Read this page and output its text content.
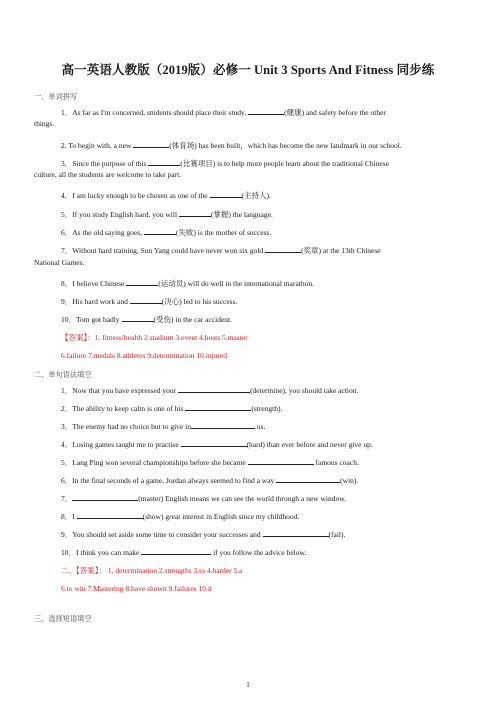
高一英语人教版（2019版）必修一 Unit 3 Sports And Fitness 同步练
一、单词拼写
1．As far as I'm concerned, students should place their study,	(健康) and safety before the other
things.
2. To begin with, a new	(体育场) has been built，which has become the new landmark in our school.
3．Since the purpose of this	(比赛项目) is to help more people learn about the traditional Chinese
culture, all the students are welcome to take part.
4．I am lucky enough to be chosen as one of the	(主持人).
5．If you study English hard, you will	(掌握) the language.
6．As the old saying goes,	(失败) is the mother of success.
7．Without hard training, Sun Yang could have never won six gold	(奖章) at the 13th Chinese
National Games.
8．I believe Chinese	(运动员) will do well in the international marathon.
9．His hard work and	(决心) led to his success.
10．Tom got badly	(受伤) in the car accident.
【答案】：1. fitness/health 2.stadium 3.event 4.hosts 5.master
6.failure 7.medals 8.athletes 9.determination 10.injured
二、单句语法填空
1．Now that you have expressed your	(determine), you should take action.
2．The ability to keep calm is one of his	(strength).
3．The enemy had no choice but to give in	us.
4．Losing games taught me to practise	(hard) than ever before and never give up.
5．Lang Ping won several championships before she became	famous coach.
6．In the final seconds of a game, Jordan always seemed to find a way	(win).
7．	(master) English means we can see the world through a new window.
8．I	(show) great interest in English since my childhood.
9．You should set aside some time to consider your successes and	(fail).
10．I think you can make	if you follow the advice below.
二、【答案】： 1. determination 2.strengths 3.to 4.harder 5.a
6.to win 7.Mastering 8.have shown 9.failures 10.it
三、选择短语填空
1
